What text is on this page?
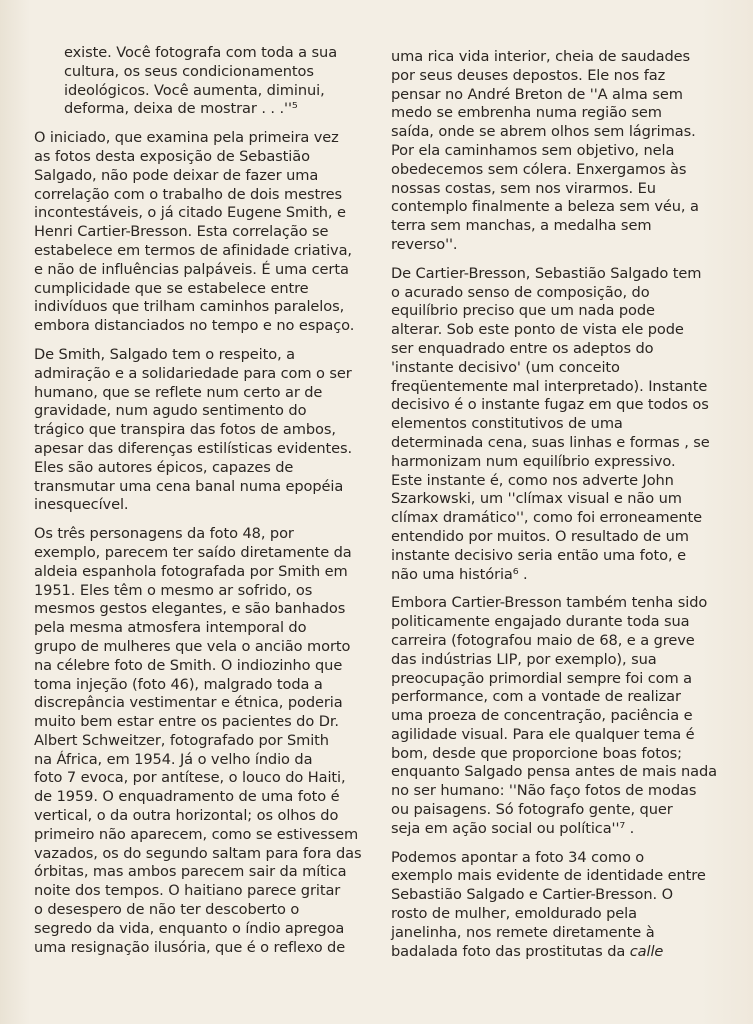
existe. Você fotografa com toda a sua
cultura, os seus condicionamentos
ideológicos. Você aumenta, diminui,
deforma, deixa de mostrar . . .''⁵
O iniciado, que examina pela primeira vez
as fotos desta exposição de Sebastião
Salgado, não pode deixar de fazer uma
correlação com o trabalho de dois mestres
incontestáveis, o já citado Eugene Smith, e
Henri Cartier-Bresson. Esta correlação se
estabelece em termos de afinidade criativa,
e não de influências palpáveis. É uma certa
cumplicidade que se estabelece entre
indivíduos que trilham caminhos paralelos,
embora distanciados no tempo e no espaço.
De Smith, Salgado tem o respeito, a
admiração e a solidariedade para com o ser
humano, que se reflete num certo ar de
gravidade, num agudo sentimento do
trágico que transpira das fotos de ambos,
apesar das diferenças estilísticas evidentes.
Eles são autores épicos, capazes de
transmutar uma cena banal numa epopéia
inesquecível.
Os três personagens da foto 48, por
exemplo, parecem ter saído diretamente da
aldeia espanhola fotografada por Smith em
1951. Eles têm o mesmo ar sofrido, os
mesmos gestos elegantes, e são banhados
pela mesma atmosfera intemporal do
grupo de mulheres que vela o ancião morto
na célebre foto de Smith. O indiozinho que
toma injeção (foto 46), malgrado toda a
discrepância vestimentar e étnica, poderia
muito bem estar entre os pacientes do Dr.
Albert Schweitzer, fotografado por Smith
na África, em 1954. Já o velho índio da
foto 7 evoca, por antítese, o louco do Haiti,
de 1959. O enquadramento de uma foto é
vertical, o da outra horizontal; os olhos do
primeiro não aparecem, como se estivessem
vazados, os do segundo saltam para fora das
órbitas, mas ambos parecem sair da mítica
noite dos tempos. O haitiano parece gritar
o desespero de não ter descoberto o
segredo da vida, enquanto o índio apregoa
uma resignação ilusória, que é o reflexo de
uma rica vida interior, cheia de saudades
por seus deuses depostos. Ele nos faz
pensar no André Breton de ''A alma sem
medo se embrenha numa região sem
saída, onde se abrem olhos sem lágrimas.
Por ela caminhamos sem objetivo, nela
obedecemos sem cólera. Enxergamos às
nossas costas, sem nos virarmos. Eu
contemplo finalmente a beleza sem véu, a
terra sem manchas, a medalha sem
reverso''.
De Cartier-Bresson, Sebastião Salgado tem
o acurado senso de composição, do
equilíbrio preciso que um nada pode
alterar. Sob este ponto de vista ele pode
ser enquadrado entre os adeptos do
'instante decisivo' (um conceito
freqüentemente mal interpretado). Instante
decisivo é o instante fugaz em que todos os
elementos constitutivos de uma
determinada cena, suas linhas e formas , se
harmonizam num equilíbrio expressivo.
Este instante é, como nos adverte John
Szarkowski, um ''clímax visual e não um
clímax dramático'', como foi erroneamente
entendido por muitos. O resultado de um
instante decisivo seria então uma foto, e
não uma história⁶ .
Embora Cartier-Bresson também tenha sido
politicamente engajado durante toda sua
carreira (fotografou maio de 68, e a greve
das indústrias LIP, por exemplo), sua
preocupação primordial sempre foi com a
performance, com a vontade de realizar
uma proeza de concentração, paciência e
agilidade visual. Para ele qualquer tema é
bom, desde que proporcione boas fotos;
enquanto Salgado pensa antes de mais nada
no ser humano: ''Não faço fotos de modas
ou paisagens. Só fotografo gente, quer
seja em ação social ou política''⁷ .
Podemos apontar a foto 34 como o
exemplo mais evidente de identidade entre
Sebastião Salgado e Cartier-Bresson. O
rosto de mulher, emoldurado pela
janelinha, nos remete diretamente à
badalada foto das prostitutas da calle
